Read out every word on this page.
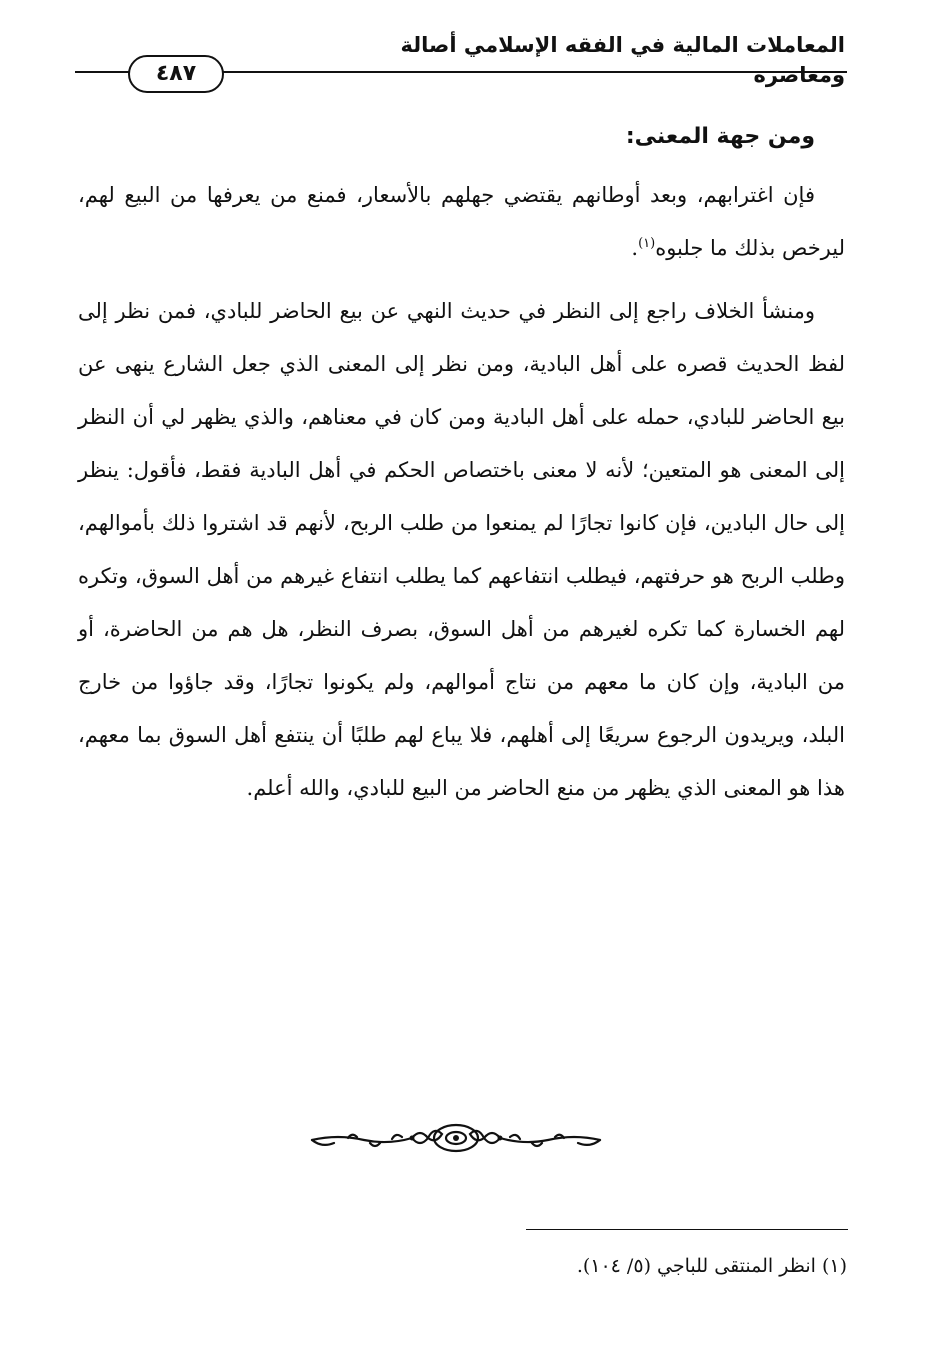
المعاملات المالية في الفقه الإسلامي أصالة ومعاصرة
٤٨٧
ومن جهة المعنى:

فإن اغترابهم، وبعد أوطانهم يقتضي جهلهم بالأسعار، فمنع من يعرفها من البيع لهم، ليرخص بذلك ما جلبوه$^{(١)}$.

ومنشأ الخلاف راجع إلى النظر في حديث النهي عن بيع الحاضر للبادي، فمن نظر إلى لفظ الحديث قصره على أهل البادية، ومن نظر إلى المعنى الذي جعل الشارع ينهى عن بيع الحاضر للبادي، حمله على أهل البادية ومن كان في معناهم، والذي يظهر لي أن النظر إلى المعنى هو المتعين؛ لأنه لا معنى باختصاص الحكم في أهل البادية فقط، فأقول: ينظر إلى حال البادين، فإن كانوا تجارًا لم يمنعوا من طلب الربح، لأنهم قد اشتروا ذلك بأموالهم، وطلب الربح هو حرفتهم، فيطلب انتفاعهم كما يطلب انتفاع غيرهم من أهل السوق، وتكره لهم الخسارة كما تكره لغيرهم من أهل السوق، بصرف النظر، هل هم من الحاضرة، أو من البادية، وإن كان ما معهم من نتاج أموالهم، ولم يكونوا تجارًا، وقد جاؤوا من خارج البلد، ويريدون الرجوع سريعًا إلى أهلهم، فلا يباع لهم طلبًا أن ينتفع أهل السوق بما معهم، هذا هو المعنى الذي يظهر من منع الحاضر من البيع للبادي، والله أعلم.

(١) انظر المنتقى للباجي (٥/ ١٠٤).
